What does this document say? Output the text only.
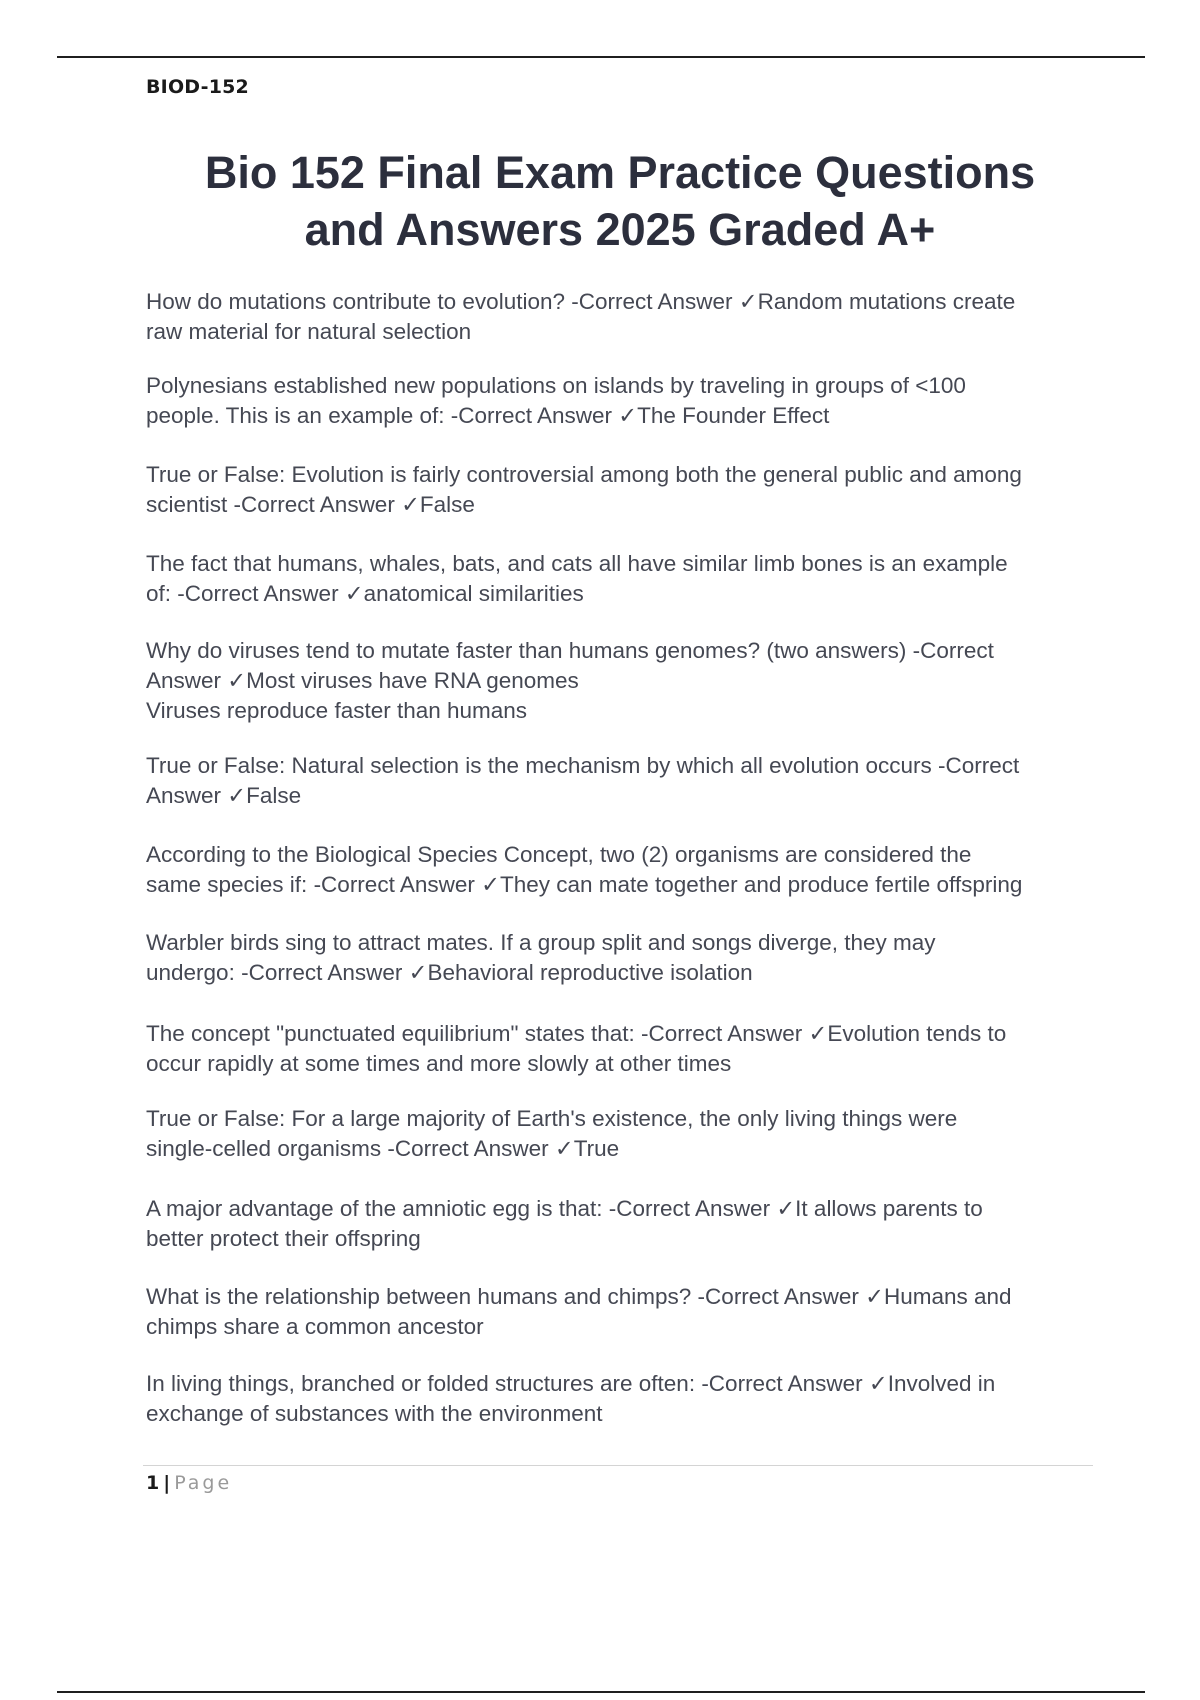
BIOD-152
Bio 152 Final Exam Practice Questions
and Answers 2025 Graded A+

How do mutations contribute to evolution? -Correct Answer ✓Random mutations create
raw material for natural selection

Polynesians established new populations on islands by traveling in groups of <100
people. This is an example of: -Correct Answer ✓The Founder Effect

True or False: Evolution is fairly controversial among both the general public and among
scientist -Correct Answer ✓False

The fact that humans, whales, bats, and cats all have similar limb bones is an example
of: -Correct Answer ✓anatomical similarities

Why do viruses tend to mutate faster than humans genomes? (two answers) -Correct
Answer ✓Most viruses have RNA genomes
Viruses reproduce faster than humans

True or False: Natural selection is the mechanism by which all evolution occurs -Correct
Answer ✓False

According to the Biological Species Concept, two (2) organisms are considered the
same species if: -Correct Answer ✓They can mate together and produce fertile offspring

Warbler birds sing to attract mates. If a group split and songs diverge, they may
undergo: -Correct Answer ✓Behavioral reproductive isolation

The concept "punctuated equilibrium" states that: -Correct Answer ✓Evolution tends to
occur rapidly at some times and more slowly at other times

True or False: For a large majority of Earth's existence, the only living things were
single-celled organisms -Correct Answer ✓True

A major advantage of the amniotic egg is that: -Correct Answer ✓It allows parents to
better protect their offspring

What is the relationship between humans and chimps? -Correct Answer ✓Humans and
chimps share a common ancestor

In living things, branched or folded structures are often: -Correct Answer ✓Involved in
exchange of substances with the environment

1 | Page
